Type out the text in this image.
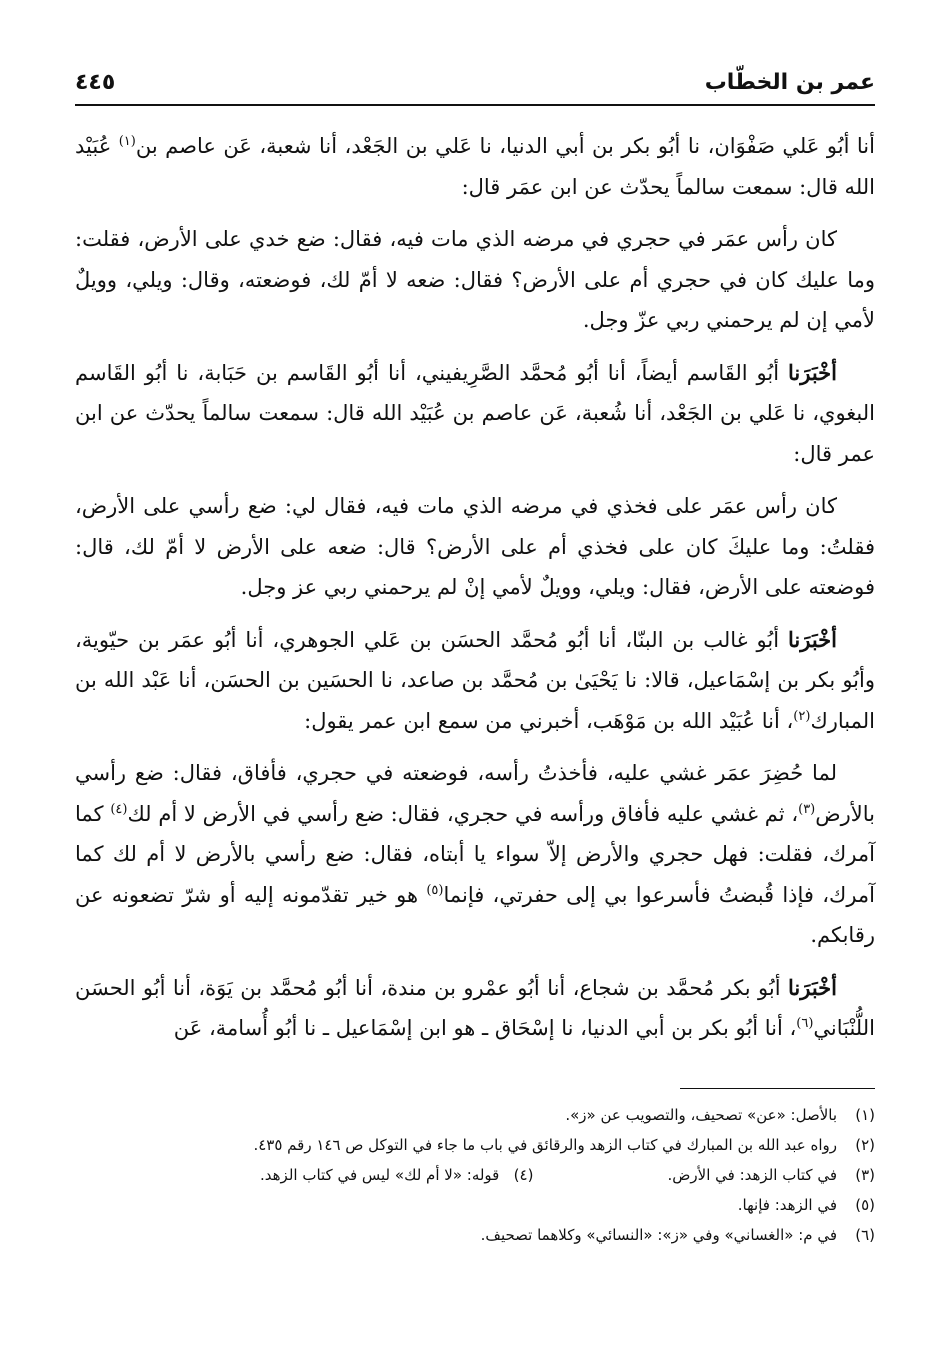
عمر بن الخطّاب
٤٤٥

أنا أبُو عَلي صَفْوَان، نا أبُو بكر بن أبي الدنيا، نا عَلي بن الجَعْد، أنا شعبة، عَن عاصم بن$^{(١)}$ عُبَيْد الله قال: سمعت سالماً يحدّث عن ابن عمَر قال:

كان رأس عمَر في حجري في مرضه الذي مات فيه، فقال: ضع خدي على الأرض، فقلت: وما عليك كان في حجري أم على الأرض؟ فقال: ضعه لا أمّ لك، فوضعته، وقال: ويلي، وويلٌ لأمي إن لم يرحمني ربي عزّ وجل.

أخْبَرَنا أبُو القَاسم أيضاً، أنا أبُو مُحمَّد الصَّرِيفيني، أنا أبُو القَاسم بن حَبَابة، نا أبُو القَاسم البغوي، نا عَلي بن الجَعْد، أنا شُعبة، عَن عاصم بن عُبَيْد الله قال: سمعت سالماً يحدّث عن ابن عمر قال:

كان رأس عمَر على فخذي في مرضه الذي مات فيه، فقال لي: ضع رأسي على الأرض، فقلتُ: وما عليكَ كان على فخذي أم على الأرض؟ قال: ضعه على الأرض لا أمّ لك، قال: فوضعته على الأرض، فقال: ويلي، وويلٌ لأمي إنْ لم يرحمني ربي عز وجل.

أخْبَرَنا أبُو غالب بن البنّا، أنا أبُو مُحمَّد الحسَن بن عَلي الجوهري، أنا أبُو عمَر بن حيّوية، وأبُو بكر بن إسْمَاعيل، قالا: نا يَحْيَىٰ بن مُحمَّد بن صاعد، نا الحسَين بن الحسَن، أنا عَبْد الله بن المبارك$^{(٢)}$، أنا عُبَيْد الله بن مَوْهَب، أخبرني من سمع ابن عمر يقول:

لما حُضِرَ عمَر غشي عليه، فأخذتُ رأسه، فوضعته في حجري، فأفاق، فقال: ضع رأسي بالأرض$^{(٣)}$، ثم غشي عليه فأفاق ورأسه في حجري، فقال: ضع رأسي في الأرض لا أم لك$^{(٤)}$ كما آمرك، فقلت: فهل حجري والأرض إلاّ سواء يا أبتاه، فقال: ضع رأسي بالأرض لا أم لك كما آمرك، فإذا قُبضتُ فأسرعوا بي إلى حفرتي، فإنما$^{(٥)}$ هو خير تقدّمونه إليه أو شرّ تضعونه عن رقابكم.

أخْبَرَنا أبُو بكر مُحمَّد بن شجاع، أنا أبُو عمْرو بن مندة، أنا أبُو مُحمَّد بن يَوَة، أنا أبُو الحسَن اللُّنْبَاني$^{(٦)}$، أنا أبُو بكر بن أبي الدنيا، نا إسْحَاق ـ هو ابن إسْمَاعيل ـ نا أبُو أُسامة، عَن

(١)بالأصل: «عن» تصحيف، والتصويب عن «ز».
(٢)رواه عبد الله بن المبارك في كتاب الزهد والرقائق في باب ما جاء في التوكل ص ١٤٦ رقم ٤٣٥.
(٣)في كتاب الزهد: في الأرض.
(٤)   قوله: «لا أم لك» ليس في كتاب الزهد.
(٥)في الزهد: فإنها.
(٦)في م: «الغساني» وفي «ز»: «النسائي» وكلاهما تصحيف.
